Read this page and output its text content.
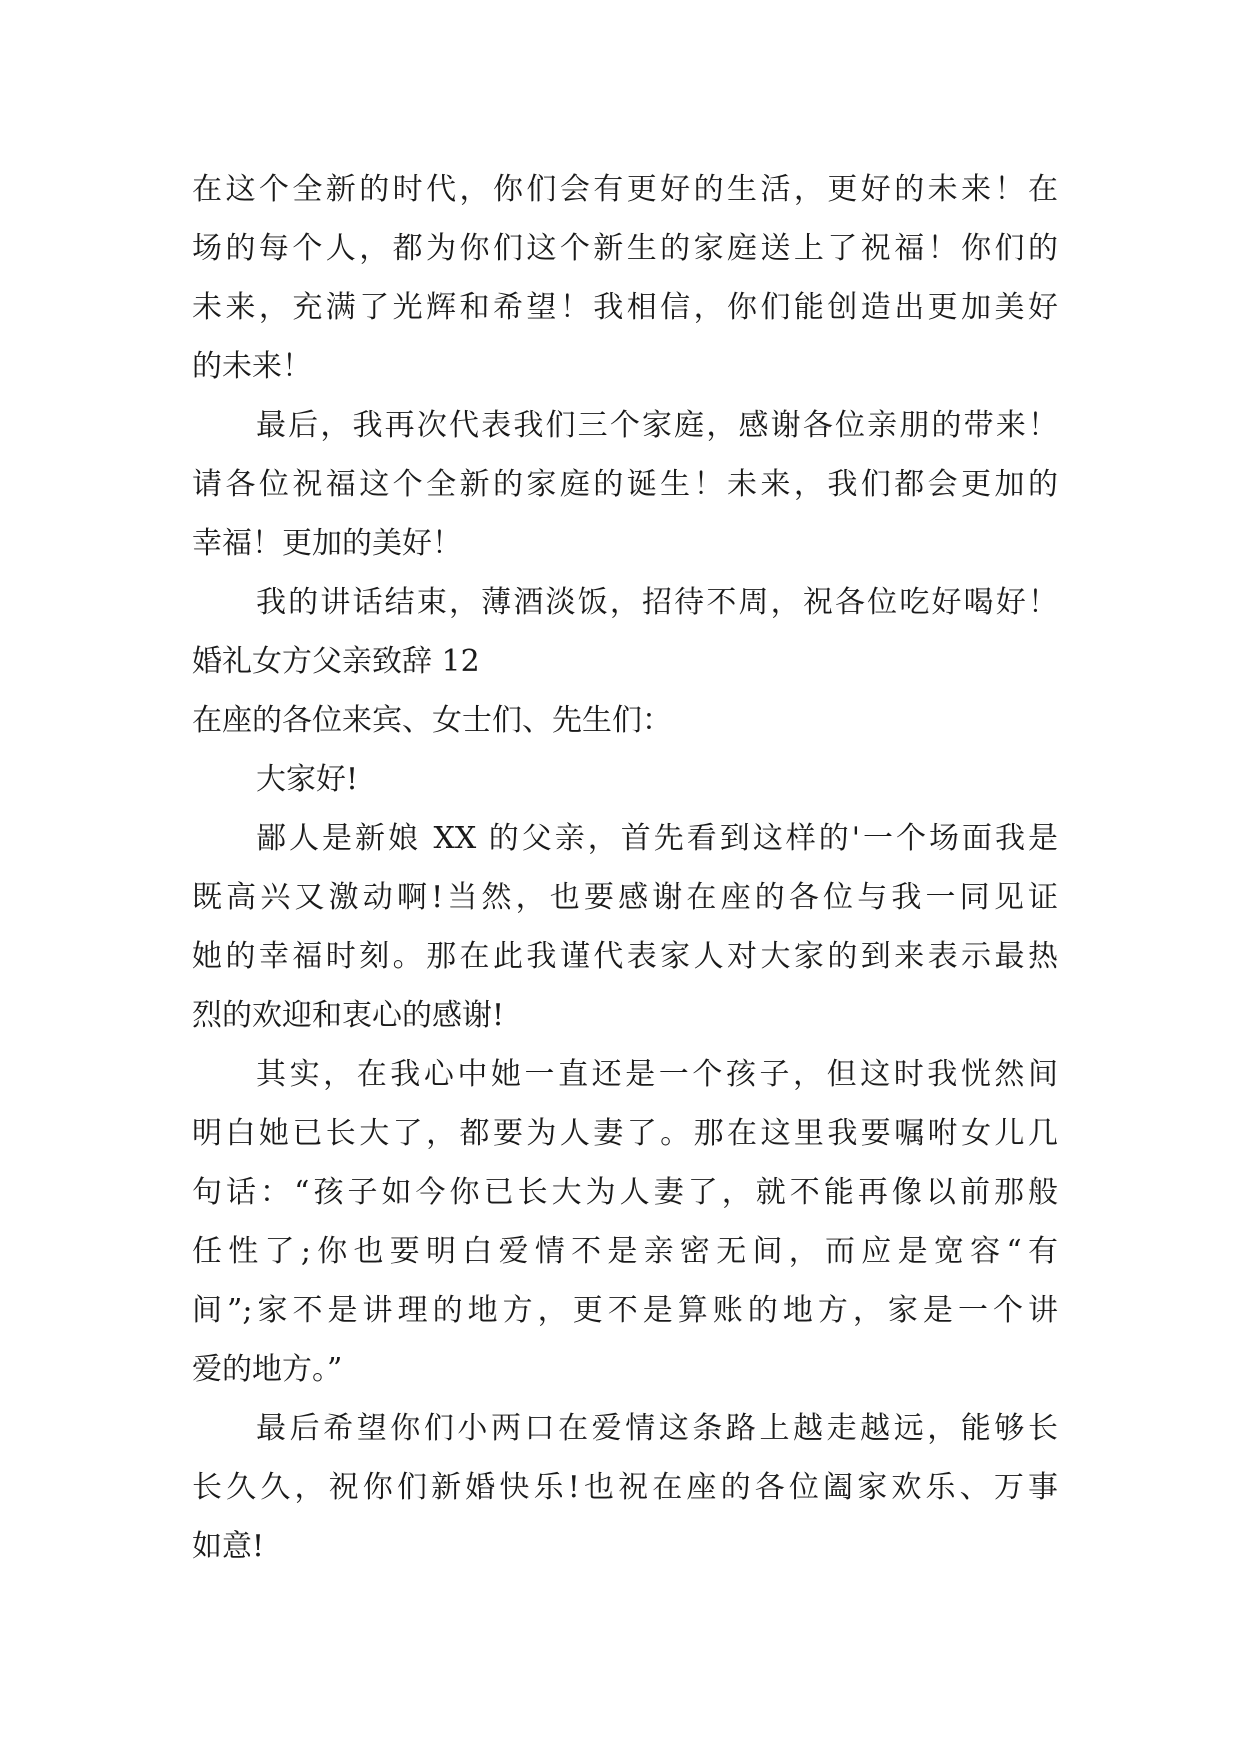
在这个全新的时代，你们会有更好的生活，更好的未来！在
场的每个人，都为你们这个新生的家庭送上了祝福！你们的
未来，充满了光辉和希望！我相信，你们能创造出更加美好
的未来！
最后，我再次代表我们三个家庭，感谢各位亲朋的带来！
请各位祝福这个全新的家庭的诞生！未来，我们都会更加的
幸福！更加的美好！
我的讲话结束，薄酒淡饭，招待不周，祝各位吃好喝好！
婚礼女方父亲致辞 12
在座的各位来宾、女士们、先生们：
大家好!
鄙人是新娘 XX 的父亲，首先看到这样的'一个场面我是
既高兴又激动啊!当然，也要感谢在座的各位与我一同见证
她的幸福时刻。那在此我谨代表家人对大家的到来表示最热
烈的欢迎和衷心的感谢!
其实，在我心中她一直还是一个孩子，但这时我恍然间
明白她已长大了，都要为人妻了。那在这里我要嘱咐女儿几
句话：“孩子如今你已长大为人妻了，就不能再像以前那般
任性了;你也要明白爱情不是亲密无间，而应是宽容“有
间”;家不是讲理的地方，更不是算账的地方，家是一个讲
爱的地方。”
最后希望你们小两口在爱情这条路上越走越远，能够长
长久久，祝你们新婚快乐!也祝在座的各位阖家欢乐、万事
如意!
